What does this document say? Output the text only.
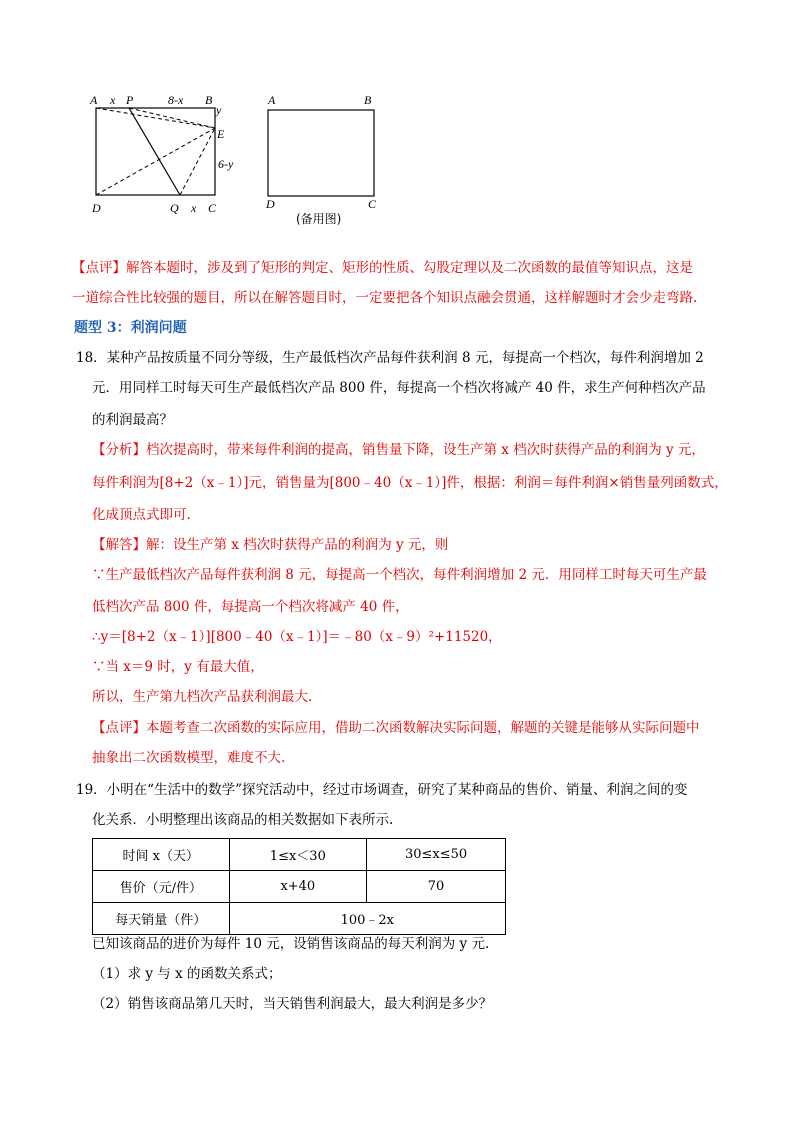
A x P	8-x B
y
E
6-y
D	Q x C
A	B
D	C
(备用图)
【点评】解答本题时，涉及到了矩形的判定、矩形的性质、勾股定理以及二次函数的最值等知识点，这是
一道综合性比较强的题目，所以在解答题目时，一定要把各个知识点融会贯通，这样解题时才会少走弯路.
题型 3：利润问题
18．某种产品按质量不同分等级，生产最低档次产品每件获利润 8 元，每提高一个档次，每件利润增加 2
元．用同样工时每天可生产最低档次产品 800 件，每提高一个档次将减产 40 件，求生产何种档次产品
的利润最高？
【分析】档次提高时，带来每件利润的提高，销售量下降，设生产第 x 档次时获得产品的利润为 y 元，
每件利润为[8+2（x﹣1）]元，销售量为[800﹣40（x﹣1）]件，根据：利润＝每件利润×销售量列函数式，
化成顶点式即可.
【解答】解：设生产第 x 档次时获得产品的利润为 y 元，则
∵生产最低档次产品每件获利润 8 元，每提高一个档次，每件利润增加 2 元．用同样工时每天可生产最
低档次产品 800 件，每提高一个档次将减产 40 件，
∴y＝[8+2（x﹣1）][800﹣40（x﹣1）]＝﹣80（x﹣9）²+11520，
∵当 x＝9 时，y 有最大值，
所以，生产第九档次产品获利润最大.
【点评】本题考查二次函数的实际应用，借助二次函数解决实际问题，解题的关键是能够从实际问题中
抽象出二次函数模型，难度不大.
19．小明在“生活中的数学”探究活动中，经过市场调查，研究了某种商品的售价、销量、利润之间的变
化关系．小明整理出该商品的相关数据如下表所示.
时间 x（天）	1≤x＜30	30≤x≤50
售价（元/件）	x+40	70
每天销量（件）	100﹣2x	
已知该商品的进价为每件 10 元，设销售该商品的每天利润为 y 元.
（1）求 y 与 x 的函数关系式；
（2）销售该商品第几天时，当天销售利润最大，最大利润是多少？
